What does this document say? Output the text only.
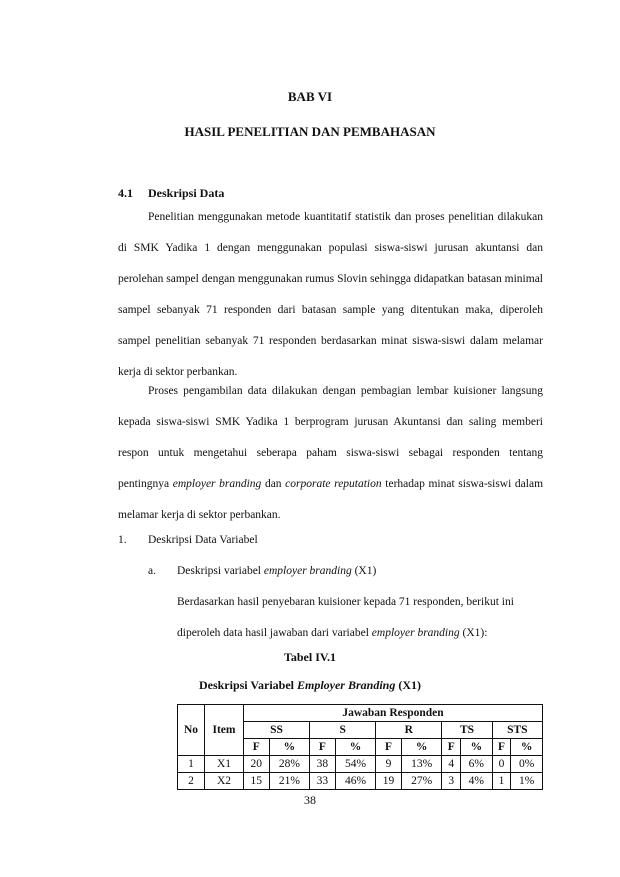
BAB VI
HASIL PENELITIAN DAN PEMBAHASAN
4.1 Deskripsi Data

Penelitian menggunakan metode kuantitatif statistik dan proses penelitian dilakukan di SMK Yadika 1 dengan menggunakan populasi siswa-siswi jurusan akuntansi dan perolehan sampel dengan menggunakan rumus Slovin sehingga didapatkan batasan minimal sampel sebanyak 71 responden dari batasan sample yang ditentukan maka, diperoleh sampel penelitian sebanyak 71 responden berdasarkan minat siswa-siswi dalam melamar kerja di sektor perbankan.

Proses pengambilan data dilakukan dengan pembagian lembar kuisioner langsung kepada siswa-siswi SMK Yadika 1 berprogram jurusan Akuntansi dan saling memberi respon untuk mengetahui seberapa paham siswa-siswi sebagai responden tentang pentingnya employer branding dan corporate reputation terhadap minat siswa-siswi dalam melamar kerja di sektor perbankan.

1. Deskripsi Data Variabel
a. Deskripsi variabel employer branding (X1)
Berdasarkan hasil penyebaran kuisioner kepada 71 responden, berikut ini
diperoleh data hasil jawaban dari variabel employer branding (X1):
Tabel IV.1
Deskripsi Variabel Employer Branding (X1)
No	Item	Jawaban Responden									
		SS		S		R		TS		STS	
		F	%	F	%	F	%	F	%	F	%
1	X1	20	28%	38	54%	9	13%	4	6%	0	0%
2	X2	15	21%	33	46%	19	27%	3	4%	1	1%
38
